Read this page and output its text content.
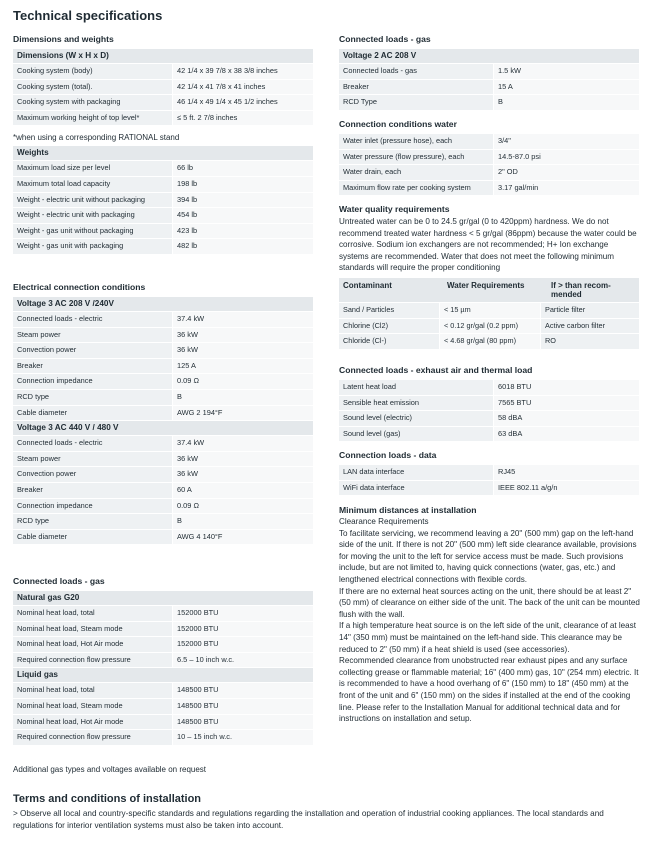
Technical specifications
Dimensions and weights
Dimensions (W x H x D)
Cooking system (body)	42 1/4 x 39 7/8 x 38 3/8 inches
Cooking system (total).	42 1/4 x 41 7/8 x 41 inches
Cooking system with packaging	46 1/4 x 49 1/4 x 45 1/2 inches
Maximum working height of top level*	≤ 5 ft. 2 7/8 inches
*when using a corresponding RATIONAL stand
Weights
Maximum load size per level	66 lb
Maximum total load capacity	198 lb
Weight - electric unit without packaging	394 lb
Weight - electric unit with packaging	454 lb
Weight - gas unit without packaging	423 lb
Weight - gas unit with packaging	482 lb
Electrical connection conditions
Voltage 3 AC 208 V /240V
Connected loads - electric	37.4 kW
Steam power	36 kW
Convection power	36 kW
Breaker	125 A
Connection impedance	0.09 Ω
RCD type	B
Cable diameter	AWG 2 194°F
Voltage 3 AC 440 V / 480 V
Connected loads - electric	37.4 kW
Steam power	36 kW
Convection power	36 kW
Breaker	60 A
Connection impedance	0.09 Ω
RCD type	B
Cable diameter	AWG 4 140°F
Connected loads - gas
Natural gas G20
Nominal heat load, total	152000 BTU
Nominal heat load, Steam mode	152000 BTU
Nominal heat load, Hot Air mode	152000 BTU
Required connection flow pressure	6.5 – 10 inch w.c.
Liquid gas
Nominal heat load, total	148500 BTU
Nominal heat load, Steam mode	148500 BTU
Nominal heat load, Hot Air mode	148500 BTU
Required connection flow pressure	10 – 15 inch w.c.
Additional gas types and voltages available on request
Connected loads - gas
Voltage 2 AC 208 V
Connected loads - gas	1.5 kW
Breaker	15 A
RCD Type	B
Connection conditions water
Water inlet (pressure hose), each	3/4"
Water pressure (flow pressure), each	14.5-87.0 psi
Water drain, each	2" OD
Maximum flow rate per cooking system	3.17 gal/min
Water quality requirements
Untreated water can be 0 to 24.5 gr/gal (0 to 420ppm) hardness. We do not recommend treated water hardness < 5 gr/gal (86ppm) because the water could be corrosive. Sodium ion exchangers are not recommended; H+ Ion exchange systems are recommended. Water that does not meet the following minimum standards will require the proper conditioning
Contaminant	Water Requirements	If > than recom-mended
Sand / Particles	< 15 µm	Particle filter
Chlorine (Cl2)	< 0.12 gr/gal (0.2 ppm)	Active carbon filter
Chloride (Cl-)	< 4.68 gr/gal (80 ppm)	RO
Connected loads - exhaust air and thermal load
Latent heat load	6018 BTU
Sensible heat emission	7565 BTU
Sound level (electric)	58 dBA
Sound level (gas)	63 dBA
Connection loads - data
LAN data interface	RJ45
WiFi data interface	IEEE 802.11 a/g/n
Minimum distances at installation
Clearance Requirements
To facilitate servicing, we recommend leaving a 20" (500 mm) gap on the left-hand side of the unit. If there is not 20" (500 mm) left side clearance available, provisions for moving the unit to the left for service access must be made. Such provisions include, but are not limited to, having quick connections (water, gas, etc.) and lengthened electrical connections with flexible cords.
If there are no external heat sources acting on the unit, there should be at least 2" (50 mm) of clearance on either side of the unit. The back of the unit can be mounted flush with the wall.
If a high temperature heat source is on the left side of the unit, clearance of at least 14" (350 mm) must be maintained on the left-hand side. This clearance may be reduced to 2" (50 mm) if a heat shield is used (see accessories).
Recommended clearance from unobstructed rear exhaust pipes and any surface collecting grease or flammable material; 16" (400 mm) gas, 10" (254 mm) electric. It is recommended to have a hood overhang of 6" (150 mm) to 18" (450 mm) at the front of the unit and 6" (150 mm) on the sides if installed at the end of the cooking line. Please refer to the Installation Manual for additional technical data and for instructions on installation and setup.
Terms and conditions of installation
> Observe all local and country-specific standards and regulations regarding the installation and operation of industrial cooking appliances. The local standards and regulations for interior ventilation systems must also be taken into account.
